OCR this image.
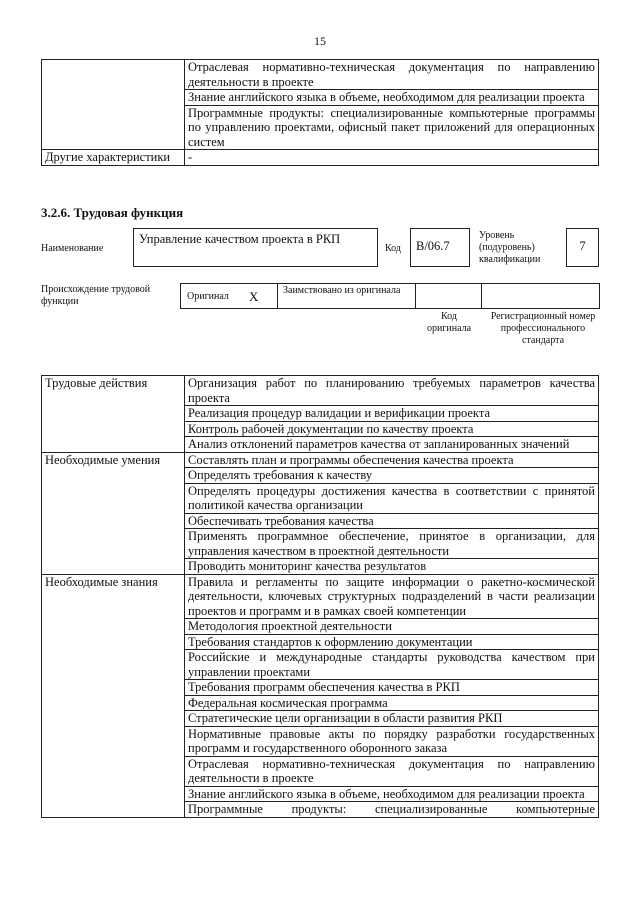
15
	Отраслевая нормативно-техническая документация по направлению деятельности в проекте
	Знание английского языка в объеме, необходимом для реализации проекта
	Программные продукты: специализированные компьютерные программы по управлению проектами, офисный пакет приложений для операционных систем
Другие характеристики	-
3.2.6. Трудовая функция
Наименование
Управление качеством проекта в РКП
Код	В/06.7
Уровень (подуровень) квалификации
7
Происхождение трудовой функции	Оригинал X Заимствовано из оригинала
Код оригинала
Регистрационный номер профессионального стандарта
Трудовые действия	Организация работ по планированию требуемых параметров качества проекта
	Реализация процедур валидации и верификации проекта
	Контроль рабочей документации по качеству проекта
	Анализ отклонений параметров качества от запланированных значений
Необходимые умения	Составлять план и программы обеспечения качества проекта
	Определять требования к качеству
	Определять процедуры достижения качества в соответствии с принятой политикой качества организации
	Обеспечивать требования качества
	Применять программное обеспечение, принятое в организации, для управления качеством в проектной деятельности
	Проводить мониторинг качества результатов
Необходимые знания	Правила и регламенты по защите информации о ракетно-космической деятельности, ключевых структурных подразделений в части реализации проектов и программ и в рамках своей компетенции
	Методология проектной деятельности
	Требования стандартов к оформлению документации
	Российские и международные стандарты руководства качеством при управлении проектами
	Требования программ обеспечения качества в РКП
	Федеральная космическая программа
	Стратегические цели организации в области развития РКП
	Нормативные правовые акты по порядку разработки государственных программ и государственного оборонного заказа
	Отраслевая нормативно-техническая документация по направлению деятельности в проекте
	Знание английского языка в объеме, необходимом для реализации проекта
	Программные продукты: специализированные компьютерные
